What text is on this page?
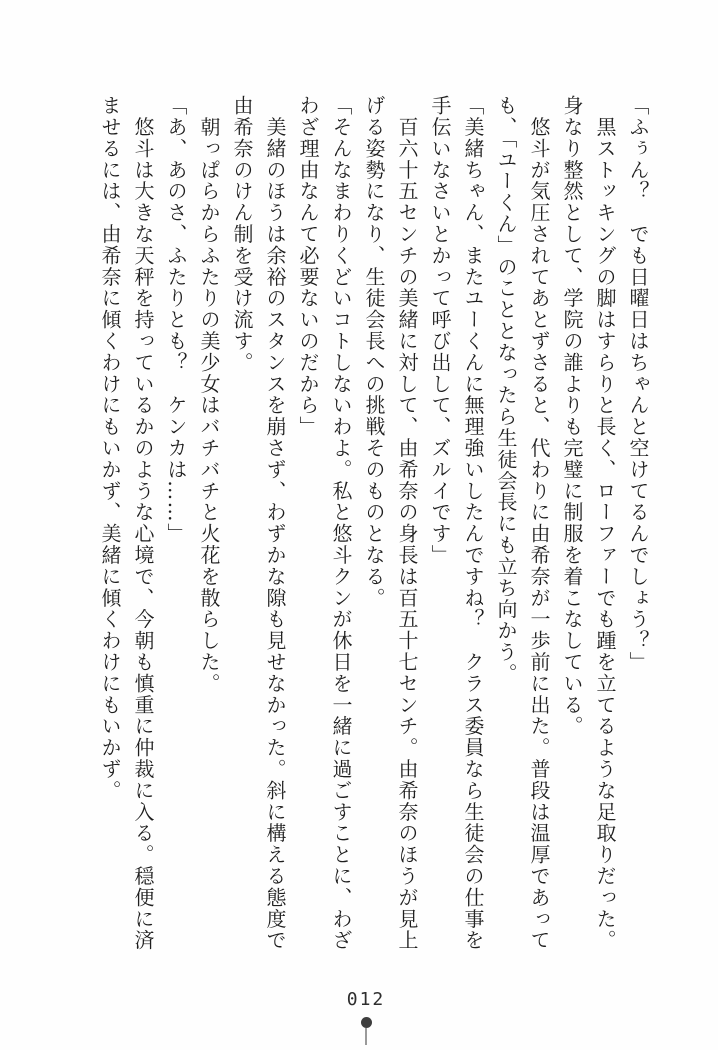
「ふぅん？　でも日曜日はちゃんと空けてるんでしょう？」

　黒ストッキングの脚はすらりと長く、ローファーでも踵を立てるような足取りだった。

身なり整然として、学院の誰よりも完璧に制服を着こなしている。

　悠斗が気圧されてあとずさると、代わりに由希奈が一歩前に出た。普段は温厚であって

も、「ユーくん」のこととなったら生徒会長にも立ち向かう。

「美緒ちゃん、またユーくんに無理強いしたんですね？　クラス委員なら生徒会の仕事を

手伝いなさいとかって呼び出して、ズルイです」

　百六十五センチの美緒に対して、由希奈の身長は百五十七センチ。由希奈のほうが見上

げる姿勢になり、生徒会長への挑戦そのものとなる。

「そんなまわりくどいコトしないわよ。私と悠斗クンが休日を一緒に過ごすことに、わざ

わざ理由なんて必要ないのだから」

　美緒のほうは余裕のスタンスを崩さず、わずかな隙も見せなかった。斜に構える態度で

由希奈のけん制を受け流す。

　朝っぱらからふたりの美少女はバチバチと火花を散らした。

「あ、あのさ、ふたりとも？　ケンカは……」

　悠斗は大きな天秤を持っているかのような心境で、今朝も慎重に仲裁に入る。穏便に済

ませるには、由希奈に傾くわけにもいかず、美緒に傾くわけにもいかず。

012
